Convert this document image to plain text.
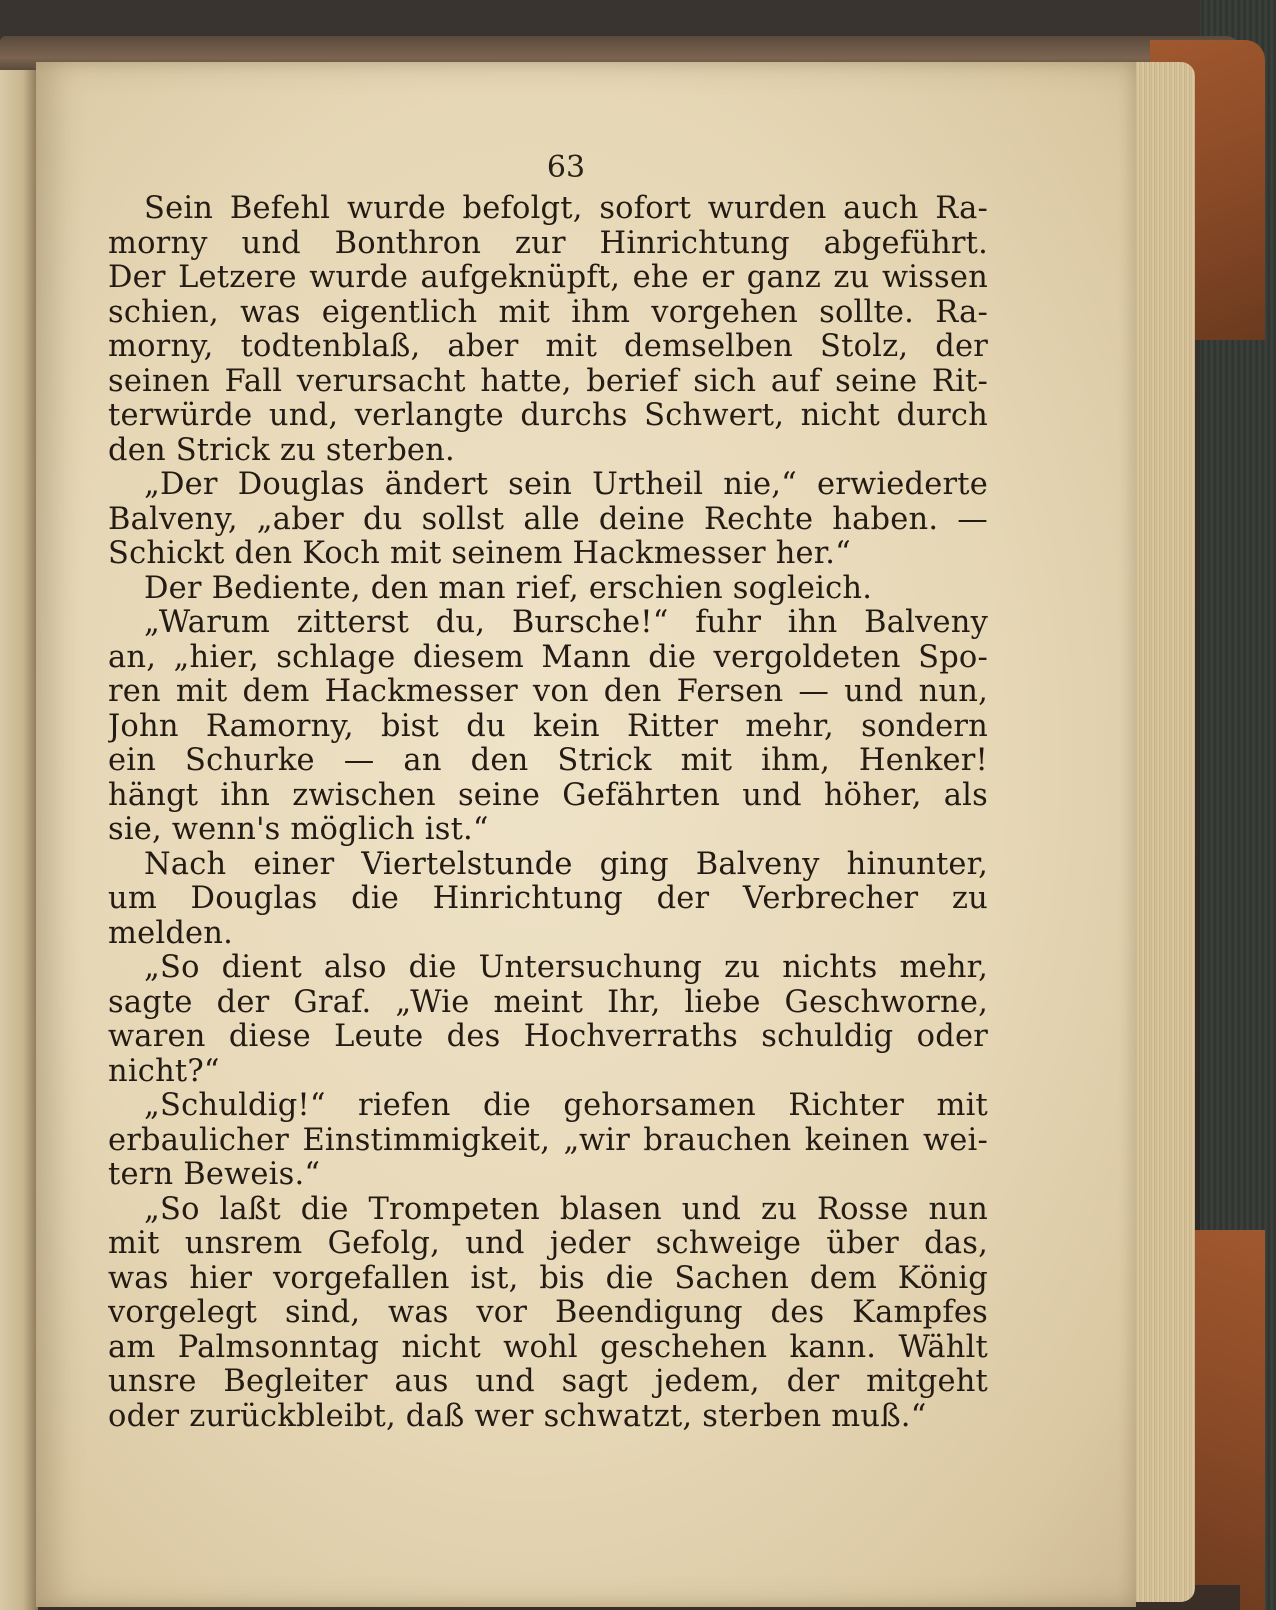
63

Sein Befehl wurde befolgt, sofort wurden auch Ra-
morny und Bonthron zur Hinrichtung abgeführt.
Der Letzere wurde aufgeknüpft, ehe er ganz zu wissen
schien, was eigentlich mit ihm vorgehen sollte. Ra-
morny, todtenblaß, aber mit demselben Stolz, der
seinen Fall verursacht hatte, berief sich auf seine Rit-
terwürde und, verlangte durchs Schwert, nicht durch
den Strick zu sterben.
„Der Douglas ändert sein Urtheil nie,“ erwiederte
Balveny, „aber du sollst alle deine Rechte haben. —
Schickt den Koch mit seinem Hackmesser her.“
Der Bediente, den man rief, erschien sogleich.
„Warum zitterst du, Bursche!“ fuhr ihn Balveny
an, „hier, schlage diesem Mann die vergoldeten Spo-
ren mit dem Hackmesser von den Fersen — und nun,
John Ramorny, bist du kein Ritter mehr, sondern
ein Schurke — an den Strick mit ihm, Henker!
hängt ihn zwischen seine Gefährten und höher, als
sie, wenn's möglich ist.“
Nach einer Viertelstunde ging Balveny hinunter,
um Douglas die Hinrichtung der Verbrecher zu
melden.
„So dient also die Untersuchung zu nichts mehr,
sagte der Graf. „Wie meint Ihr, liebe Geschworne,
waren diese Leute des Hochverraths schuldig oder
nicht?“
„Schuldig!“ riefen die gehorsamen Richter mit
erbaulicher Einstimmigkeit, „wir brauchen keinen wei-
tern Beweis.“
„So laßt die Trompeten blasen und zu Rosse nun
mit unsrem Gefolg, und jeder schweige über das,
was hier vorgefallen ist, bis die Sachen dem König
vorgelegt sind, was vor Beendigung des Kampfes
am Palmsonntag nicht wohl geschehen kann. Wählt
unsre Begleiter aus und sagt jedem, der mitgeht
oder zurückbleibt, daß wer schwatzt, sterben muß.“
